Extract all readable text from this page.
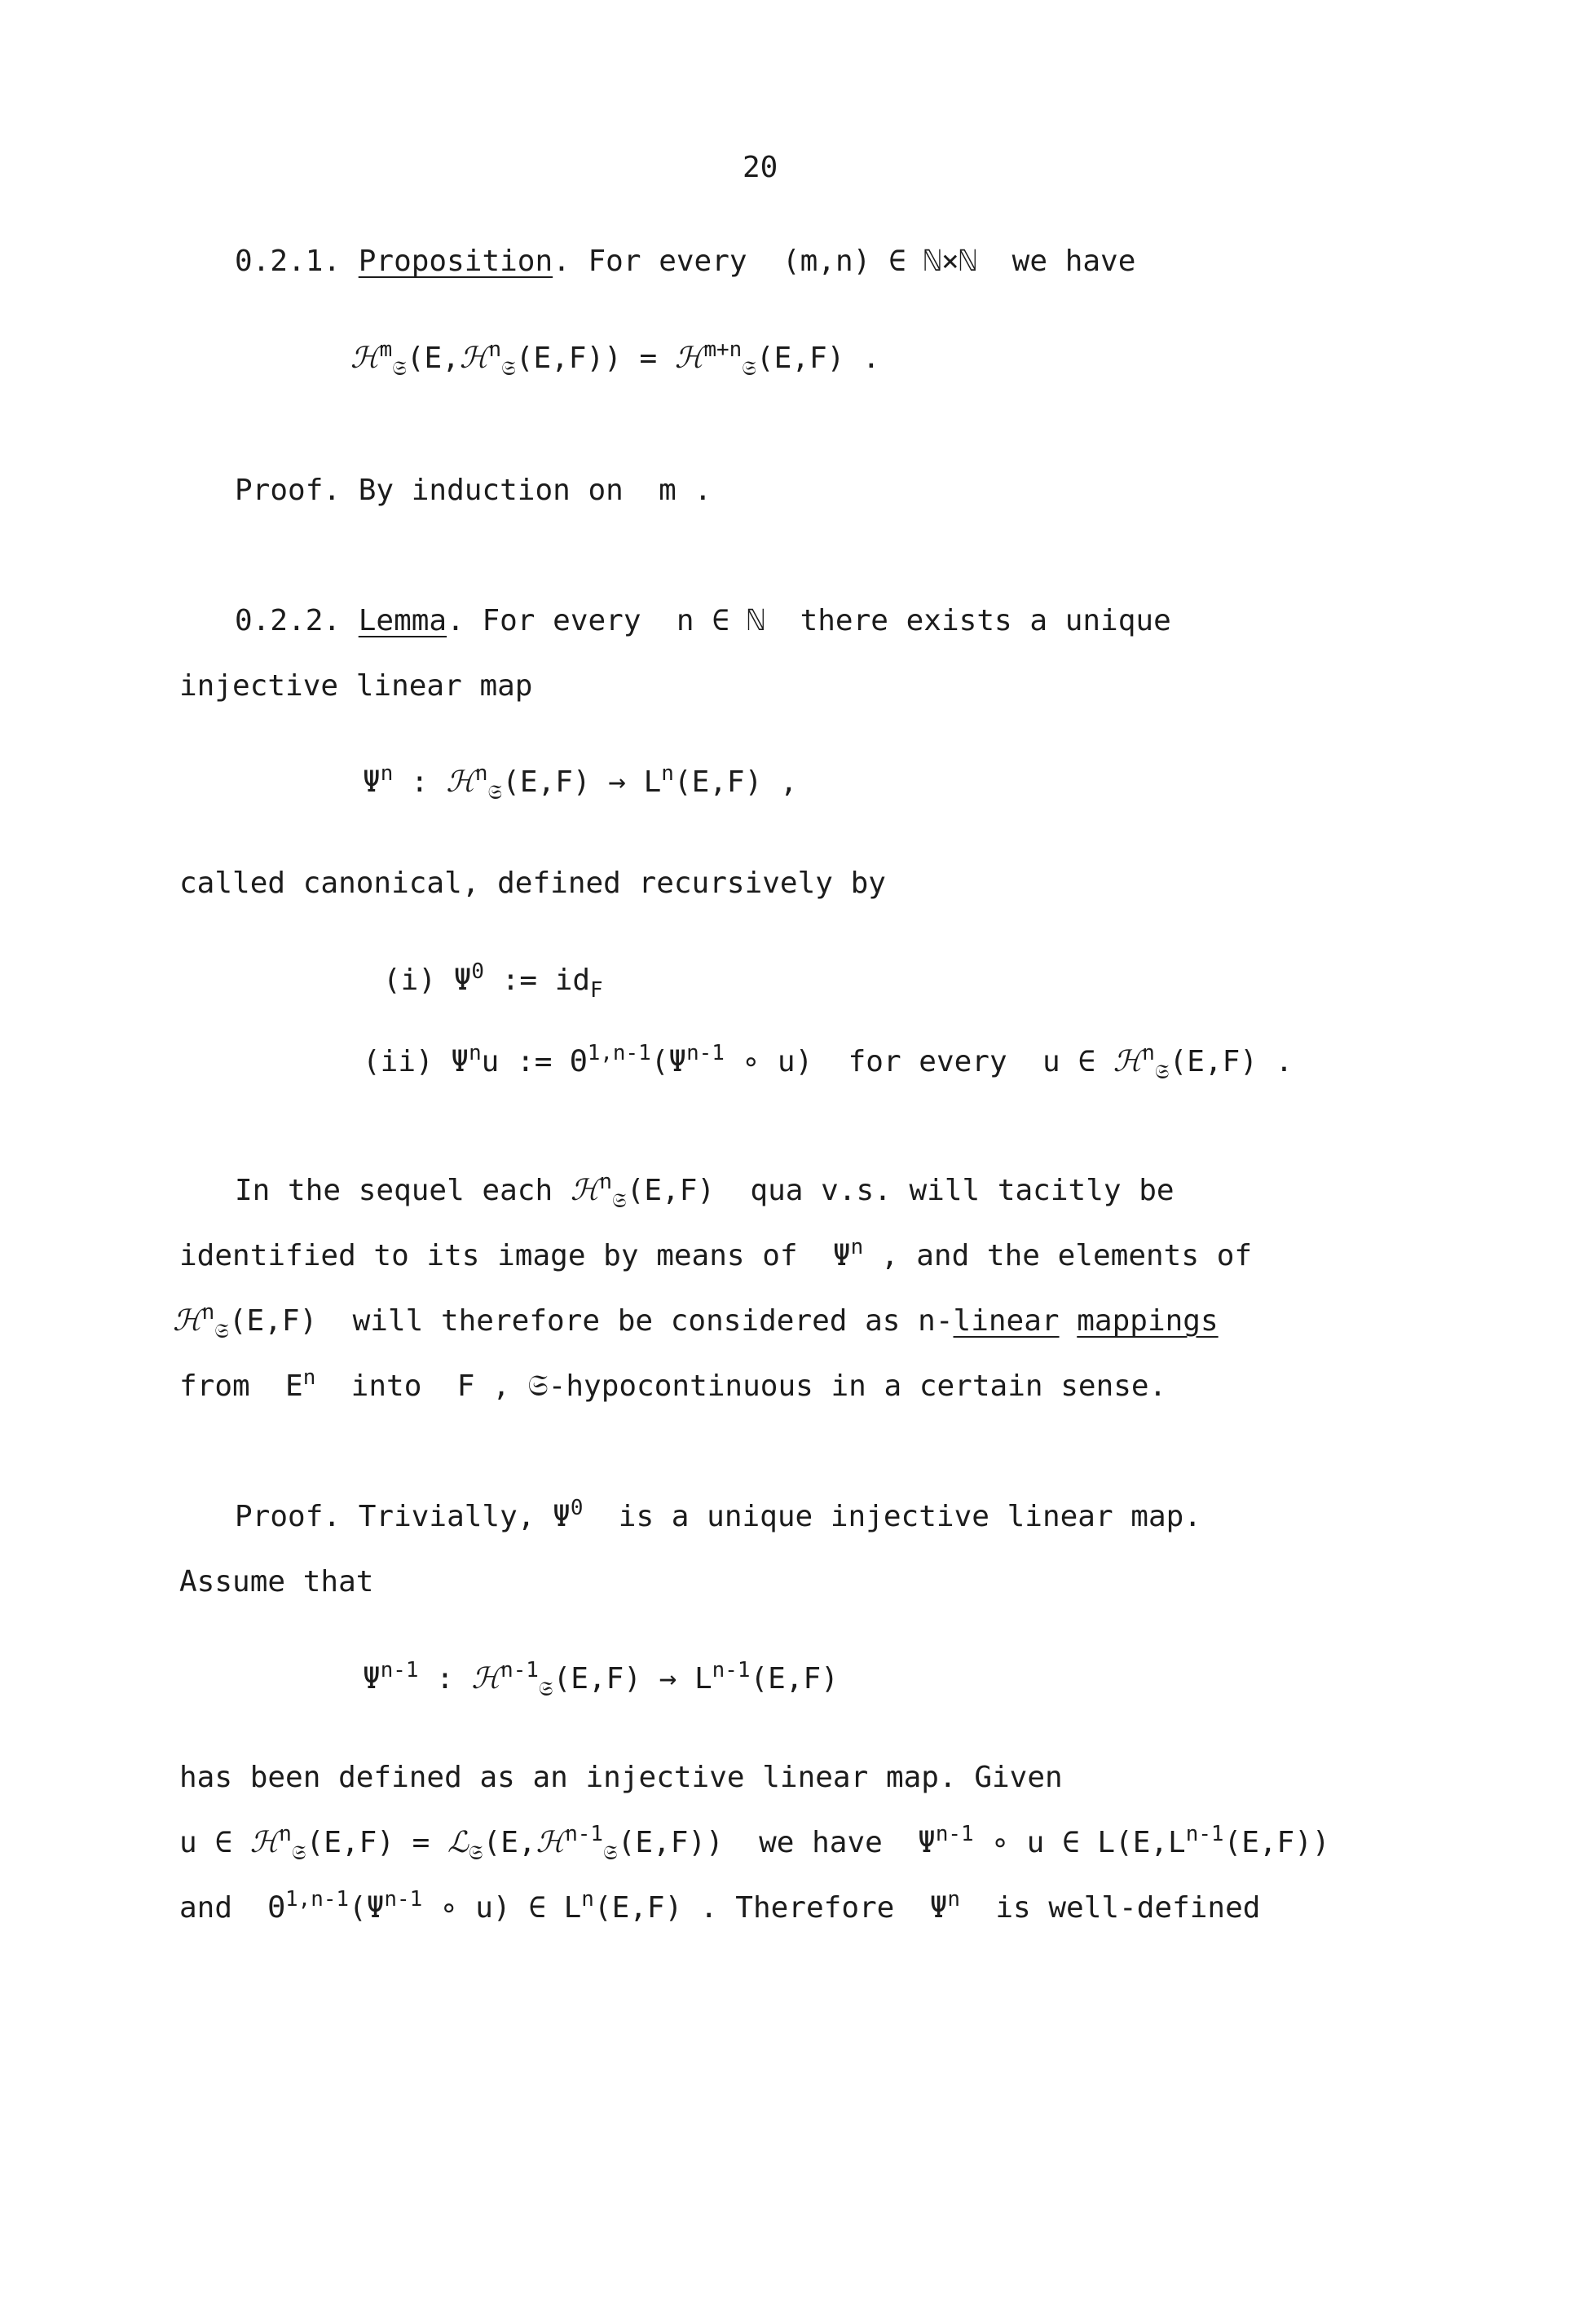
20
0.2.1. Proposition. For every  (m,n) ∈ ℕ×ℕ  we have
ℋ$^m_𝔖$(E,ℋ$^n_𝔖$(E,F)) = ℋ$^{m+n}_𝔖$(E,F) .
Proof. By induction on  m .
0.2.2. Lemma. For every  n ∈ ℕ  there exists a unique
injective linear map
$\Psi^n$ : ℋ$^n_𝔖$(E,F) → $L^n(E,F)$ ,
called canonical, defined recursively by
(i) $\Psi^0$ := $id_F$
(ii) $\Psi^nu$ := $\Theta^{1,n-1}(\Psi^{n-1}$ ∘ u)  for every  u ∈ ℋ$^n_𝔖$(E,F) .
In the sequel each ℋ$^n_𝔖$(E,F)  qua v.s. will tacitly be
identified to its image by means of  $\Psi^n$ , and the elements of
ℋ$^n_𝔖$(E,F)  will therefore be considered as n-linear mappings
from  $E^n$  into  F , 𝔖-hypocontinuous in a certain sense.
Proof. Trivially, $\Psi^0$  is a unique injective linear map.
Assume that
$\Psi^{n-1}$ : ℋ$^{n-1}_𝔖$(E,F) → $L^{n-1}(E,F)$
has been defined as an injective linear map. Given
u ∈ ℋ$^n_𝔖$(E,F) = ℒ$_𝔖$(E,ℋ$^{n-1}_𝔖$(E,F))  we have  $\Psi^{n-1}$ ∘ u ∈ $L(E,L^{n-1}(E,F))$
and  $\Theta^{1,n-1}(\Psi^{n-1}$ ∘ u) ∈ $L^n(E,F)$ . Therefore  $\Psi^n$  is well-defined
